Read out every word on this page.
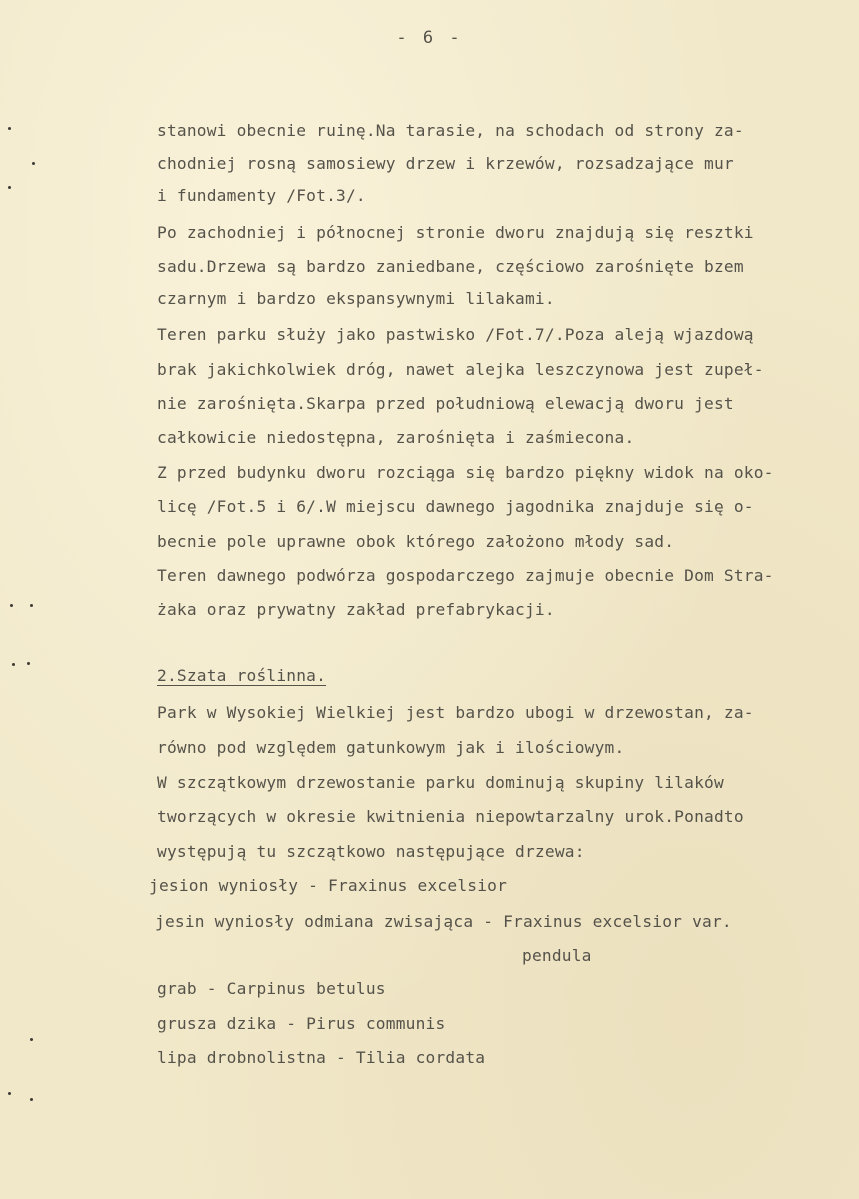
- 6 -
stanowi obecnie ruinę.Na tarasie, na schodach od strony za-
chodniej rosną samosiewy drzew i krzewów, rozsadzające mur
i fundamenty /Fot.3/.
Po zachodniej i północnej stronie dworu znajdują się resztki
sadu.Drzewa są bardzo zaniedbane, częściowo zarośnięte bzem
czarnym i bardzo ekspansywnymi lilakami.
Teren parku służy jako pastwisko /Fot.7/.Poza aleją wjazdową
brak jakichkolwiek dróg, nawet alejka leszczynowa jest zupeł-
nie zarośnięta.Skarpa przed południową elewacją dworu jest
całkowicie niedostępna, zarośnięta i zaśmiecona.
Z przed budynku dworu rozciąga się bardzo piękny widok na oko-
licę /Fot.5 i 6/.W miejscu dawnego jagodnika znajduje się o-
becnie pole uprawne obok którego założono młody sad.
Teren dawnego podwórza gospodarczego zajmuje obecnie Dom Stra-
żaka oraz prywatny zakład prefabrykacji.
2.Szata roślinna.
Park w Wysokiej Wielkiej jest bardzo ubogi w drzewostan, za-
równo pod względem gatunkowym jak i ilościowym.
W szczątkowym drzewostanie parku dominują skupiny lilaków
tworzących w okresie kwitnienia niepowtarzalny urok.Ponadto
występują tu szczątkowo następujące drzewa:
jesion wyniosły - Fraxinus excelsior
jesin wyniosły odmiana zwisająca - Fraxinus excelsior var.
pendula
grab - Carpinus betulus
grusza dzika - Pirus communis
lipa drobnolistna - Tilia cordata
